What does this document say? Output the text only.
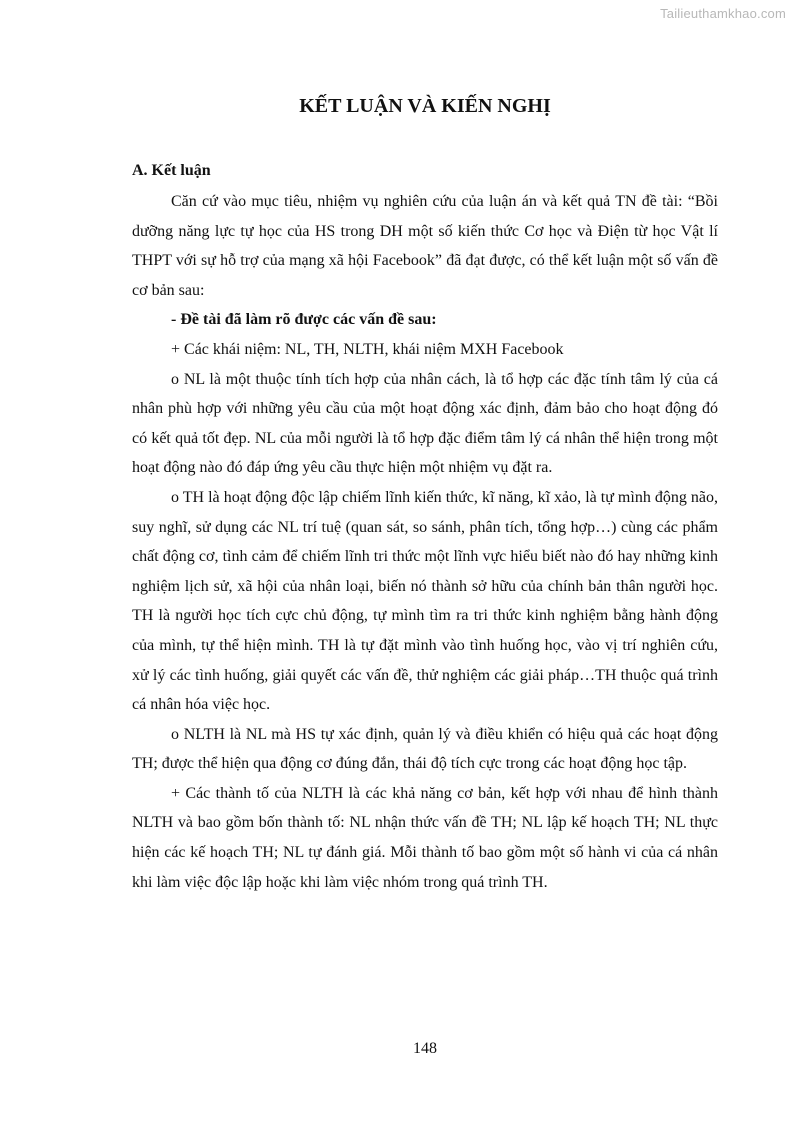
Tailieuthamkhao.com
KẾT LUẬN VÀ KIẾN NGHỊ
A. Kết luận

Căn cứ vào mục tiêu, nhiệm vụ nghiên cứu của luận án và kết quả TN đề tài: “Bồi dưỡng năng lực tự học của HS trong DH một số kiến thức Cơ học và Điện từ học Vật lí THPT với sự hỗ trợ của mạng xã hội Facebook” đã đạt được, có thể kết luận một số vấn đề cơ bản sau:

- Đề tài đã làm rõ được các vấn đề sau:

+ Các khái niệm: NL, TH, NLTH, khái niệm MXH Facebook

o NL là một thuộc tính tích hợp của nhân cách, là tổ hợp các đặc tính tâm lý của cá nhân phù hợp với những yêu cầu của một hoạt động xác định, đảm bảo cho hoạt động đó có kết quả tốt đẹp. NL của mỗi người là tổ hợp đặc điểm tâm lý cá nhân thể hiện trong một hoạt động nào đó đáp ứng yêu cầu thực hiện một nhiệm vụ đặt ra.

o TH là hoạt động độc lập chiếm lĩnh kiến thức, kĩ năng, kĩ xảo, là tự mình động não, suy nghĩ, sử dụng các NL trí tuệ (quan sát, so sánh, phân tích, tổng hợp…) cùng các phẩm chất động cơ, tình cảm để chiếm lĩnh tri thức một lĩnh vực hiểu biết nào đó hay những kinh nghiệm lịch sử, xã hội của nhân loại, biến nó thành sở hữu của chính bản thân người học. TH là người học tích cực chủ động, tự mình tìm ra tri thức kinh nghiệm bằng hành động của mình, tự thể hiện mình. TH là tự đặt mình vào tình huống học, vào vị trí nghiên cứu, xử lý các tình huống, giải quyết các vấn đề, thử nghiệm các giải pháp…TH thuộc quá trình cá nhân hóa việc học.

o NLTH là NL mà HS tự xác định, quản lý và điều khiển có hiệu quả các hoạt động TH; được thể hiện qua động cơ đúng đắn, thái độ tích cực trong các hoạt động học tập.

+ Các thành tố của NLTH là các khả năng cơ bản, kết hợp với nhau để hình thành NLTH và bao gồm bốn thành tố: NL nhận thức vấn đề TH; NL lập kế hoạch TH; NL thực hiện các kế hoạch TH; NL tự đánh giá. Mỗi thành tố bao gồm một số hành vi của cá nhân khi làm việc độc lập hoặc khi làm việc nhóm trong quá trình TH.

148
